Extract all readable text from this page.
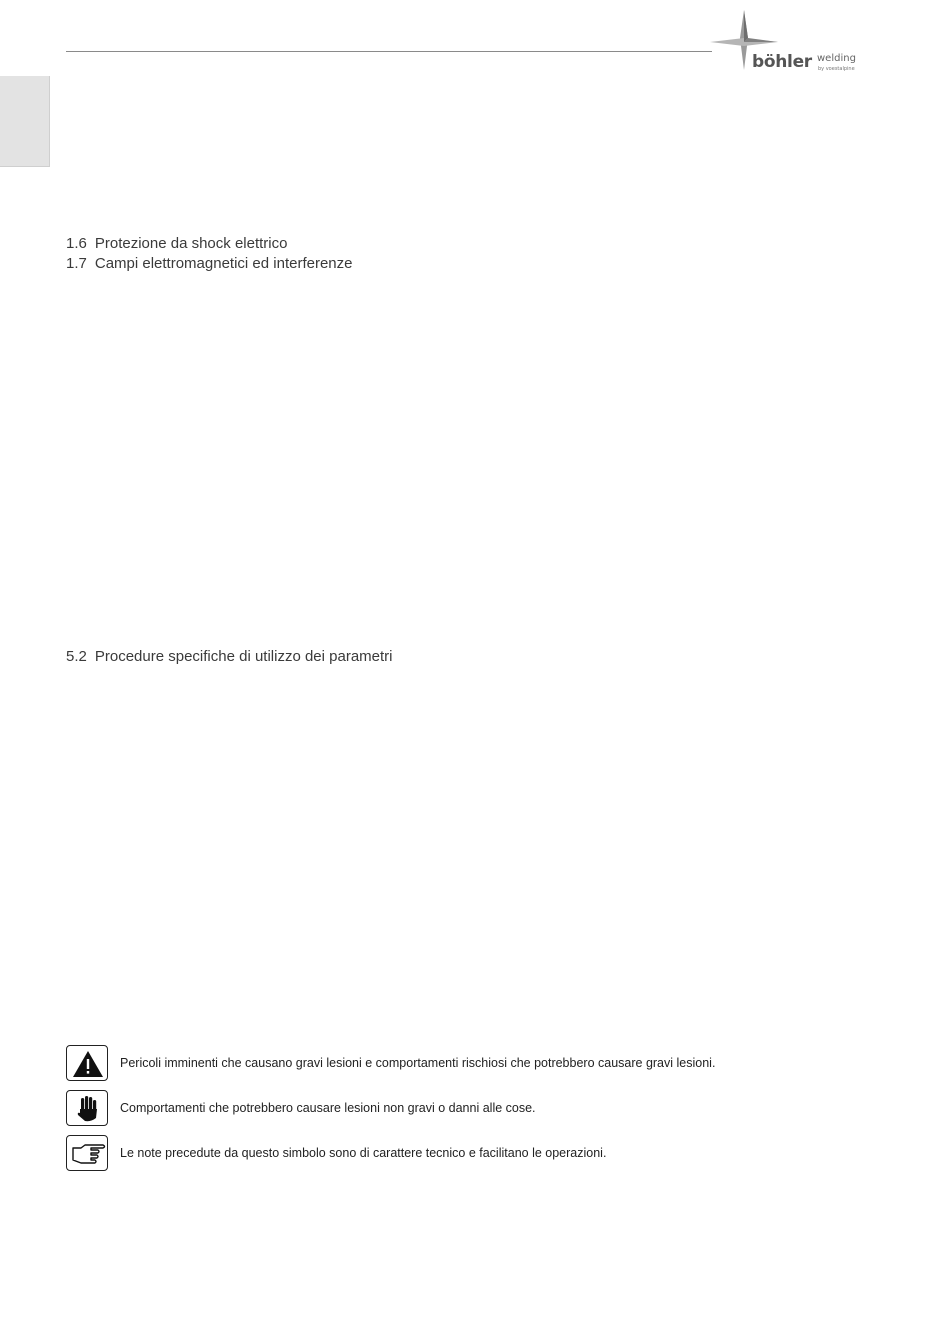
böhler welding
by voestalpine
1.6 Protezione da shock elettrico
1.7 Campi elettromagnetici ed interferenze
5.2 Procedure specifiche di utilizzo dei parametri
Pericoli imminenti che causano gravi lesioni e comportamenti rischiosi che potrebbero causare gravi lesioni.
Comportamenti che potrebbero causare lesioni non gravi o danni alle cose.
Le note precedute da questo simbolo sono di carattere tecnico e facilitano le operazioni.
